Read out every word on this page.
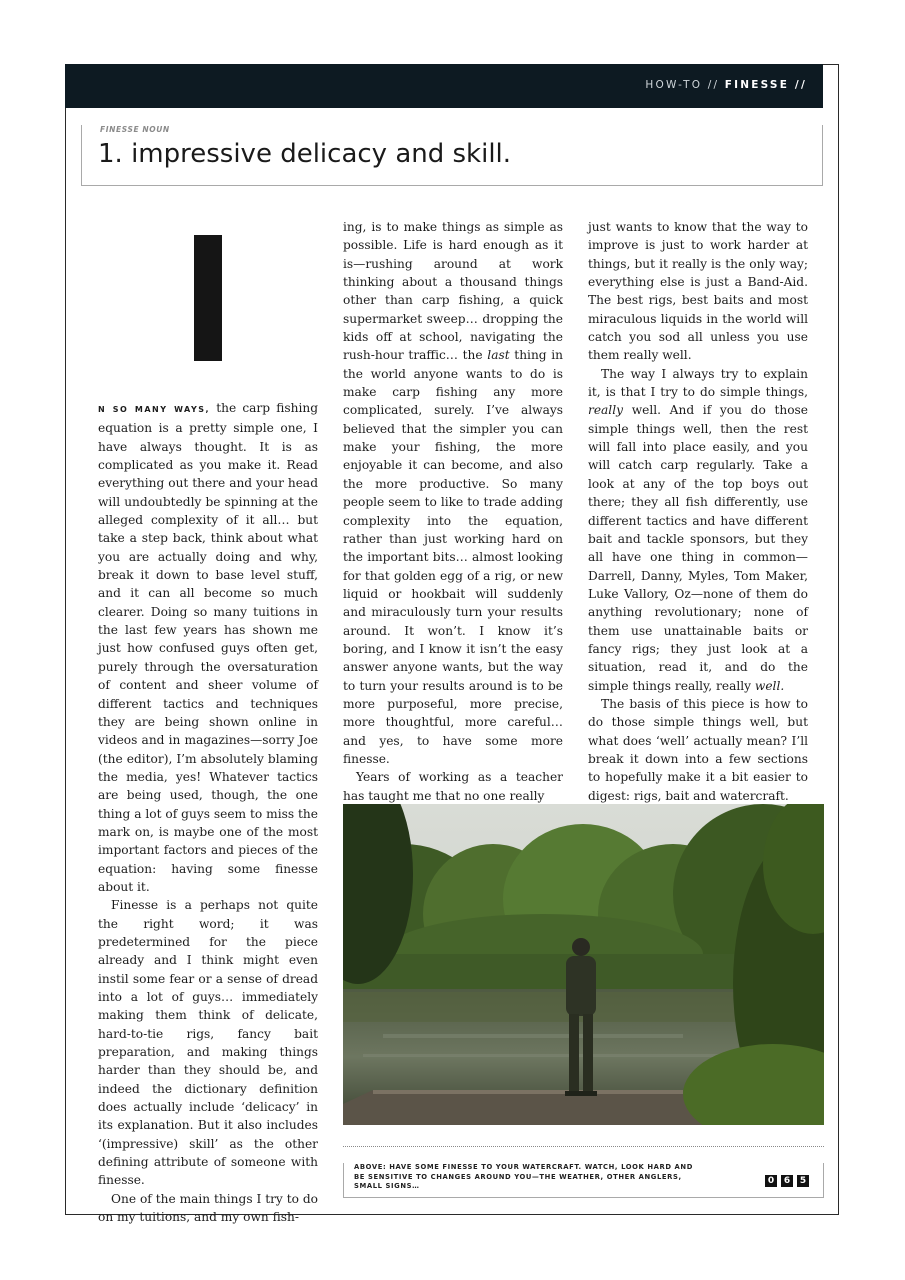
HOW-TO // FINESSE //
FINESSE NOUN
1. impressive delicacy and skill.

N SO MANY WAYS, the carp fishing equation is a pretty simple one, I have always thought. It is as complicated as you make it. Read everything out there and your head will undoubtedly be spinning at the alleged complexity of it all… but take a step back, think about what you are actually doing and why, break it down to base level stuff, and it can all become so much clearer. Doing so many tuitions in the last few years has shown me just how confused guys often get, purely through the oversaturation of content and sheer volume of different tactics and techniques they are being shown online in videos and in magazines—sorry Joe (the editor), I’m absolutely blaming the media, yes! Whatever tactics are being used, though, the one thing a lot of guys seem to miss the mark on, is maybe one of the most important factors and pieces of the equation: having some finesse about it.

Finesse is a perhaps not quite the right word; it was predetermined for the piece already and I think might even instil some fear or a sense of dread into a lot of guys… immediately making them think of delicate, hard-to-tie rigs, fancy bait preparation, and making things harder than they should be, and indeed the dictionary definition does actually include ‘delicacy’ in its explanation. But it also includes ‘(impressive) skill’ as the other defining attribute of someone with finesse.

One of the main things I try to do on my tuitions, and my own fish-

ing, is to make things as simple as possible. Life is hard enough as it is—rushing around at work thinking about a thousand things other than carp fishing, a quick supermarket sweep… dropping the kids off at school, navigating the rush-hour traffic… the last thing in the world anyone wants to do is make carp fishing any more complicated, surely. I’ve always believed that the simpler you can make your fishing, the more enjoyable it can become, and also the more productive. So many people seem to like to trade adding complexity into the equation, rather than just working hard on the important bits… almost looking for that golden egg of a rig, or new liquid or hookbait will suddenly and miraculously turn your results around. It won’t. I know it’s boring, and I know it isn’t the easy answer anyone wants, but the way to turn your results around is to be more purposeful, more precise, more thoughtful, more careful… and yes, to have some more finesse.

Years of working as a teacher has taught me that no one really

just wants to know that the way to improve is just to work harder at things, but it really is the only way; everything else is just a Band-Aid. The best rigs, best baits and most miraculous liquids in the world will catch you sod all unless you use them really well.

The way I always try to explain it, is that I try to do simple things, really well. And if you do those simple things well, then the rest will fall into place easily, and you will catch carp regularly. Take a look at any of the top boys out there; they all fish differently, use different tactics and have different bait and tackle sponsors, but they all have one thing in common—Darrell, Danny, Myles, Tom Maker, Luke Vallory, Oz—none of them do anything revolutionary; none of them use unattainable baits or fancy rigs; they just look at a situation, read it, and do the simple things really, really well.

The basis of this piece is how to do those simple things well, but what does ‘well’ actually mean? I’ll break it down into a few sections to hopefully make it a bit easier to digest: rigs, bait and watercraft.

ABOVE: HAVE SOME FINESSE TO YOUR WATERCRAFT. WATCH, LOOK HARD AND BE SENSITIVE TO CHANGES AROUND YOU—THE WEATHER, OTHER ANGLERS, SMALL SIGNS…	0	6	5
